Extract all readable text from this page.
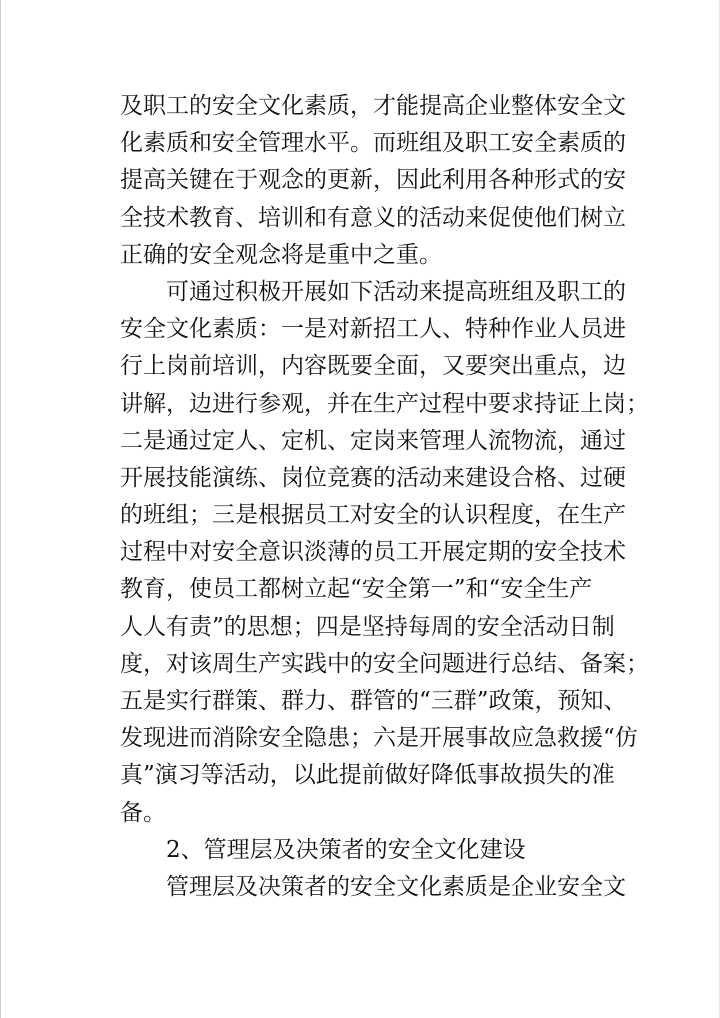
及职工的安全文化素质，才能提高企业整体安全文
化素质和安全管理水平。而班组及职工安全素质的
提高关键在于观念的更新，因此利用各种形式的安
全技术教育、培训和有意义的活动来促使他们树立
正确的安全观念将是重中之重。
可通过积极开展如下活动来提高班组及职工的
安全文化素质：一是对新招工人、特种作业人员进
行上岗前培训，内容既要全面，又要突出重点，边
讲解，边进行参观，并在生产过程中要求持证上岗；
二是通过定人、定机、定岗来管理人流物流，通过
开展技能演练、岗位竞赛的活动来建设合格、过硬
的班组；三是根据员工对安全的认识程度，在生产
过程中对安全意识淡薄的员工开展定期的安全技术
教育，使员工都树立起“安全第一”和“安全生产
人人有责”的思想；四是坚持每周的安全活动日制
度，对该周生产实践中的安全问题进行总结、备案；
五是实行群策、群力、群管的“三群”政策，预知、
发现进而消除安全隐患；六是开展事故应急救援“仿
真”演习等活动，以此提前做好降低事故损失的准
备。
2、管理层及决策者的安全文化建设
管理层及决策者的安全文化素质是企业安全文
